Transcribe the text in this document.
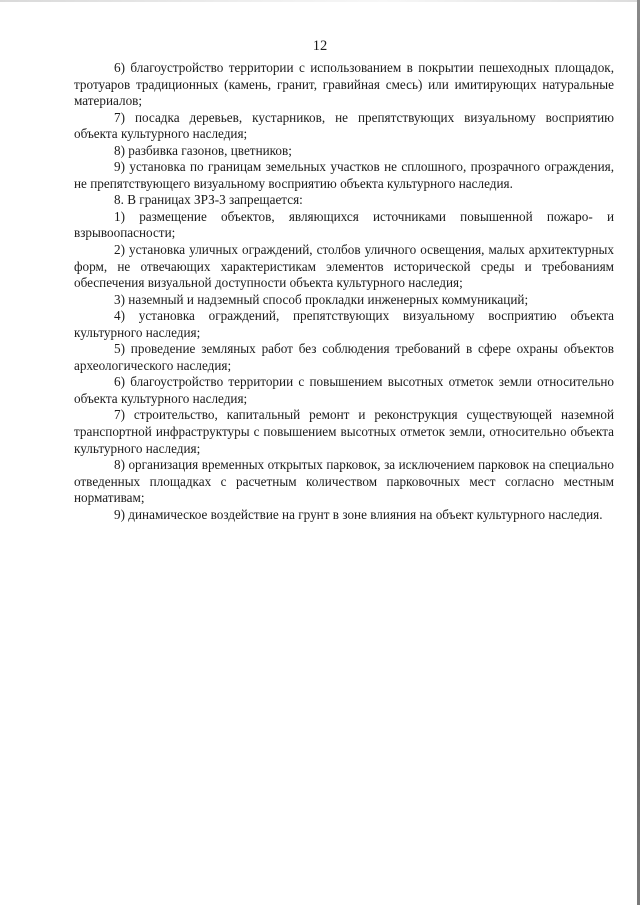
12

6) благоустройство территории с использованием в покрытии пешеходных площадок, тротуаров традиционных (камень, гранит, гравийная смесь) или имитирующих натуральные материалов;

7) посадка деревьев, кустарников, не препятствующих визуальному восприятию объекта культурного наследия;

8) разбивка газонов, цветников;

9) установка по границам земельных участков не сплошного, прозрачного ограждения, не препятствующего визуальному восприятию объекта культурного наследия.

8. В границах ЗРЗ-3 запрещается:

1) размещение объектов, являющихся источниками повышенной пожаро- и взрывоопасности;

2) установка уличных ограждений, столбов уличного освещения, малых архитектурных форм, не отвечающих характеристикам элементов исторической среды и требованиям обеспечения визуальной доступности объекта культурного наследия;

3) наземный и надземный способ прокладки инженерных коммуникаций;

4) установка ограждений, препятствующих визуальному восприятию объекта культурного наследия;

5) проведение земляных работ без соблюдения требований в сфере охраны объектов археологического наследия;

6) благоустройство территории с повышением высотных отметок земли относительно объекта культурного наследия;

7) строительство, капитальный ремонт и реконструкция существующей наземной транспортной инфраструктуры с повышением высотных отметок земли, относительно объекта культурного наследия;

8) организация временных открытых парковок, за исключением парковок на специально отведенных площадках с расчетным количеством парковочных мест согласно местным нормативам;

9) динамическое воздействие на грунт в зоне влияния на объект культурного наследия.
